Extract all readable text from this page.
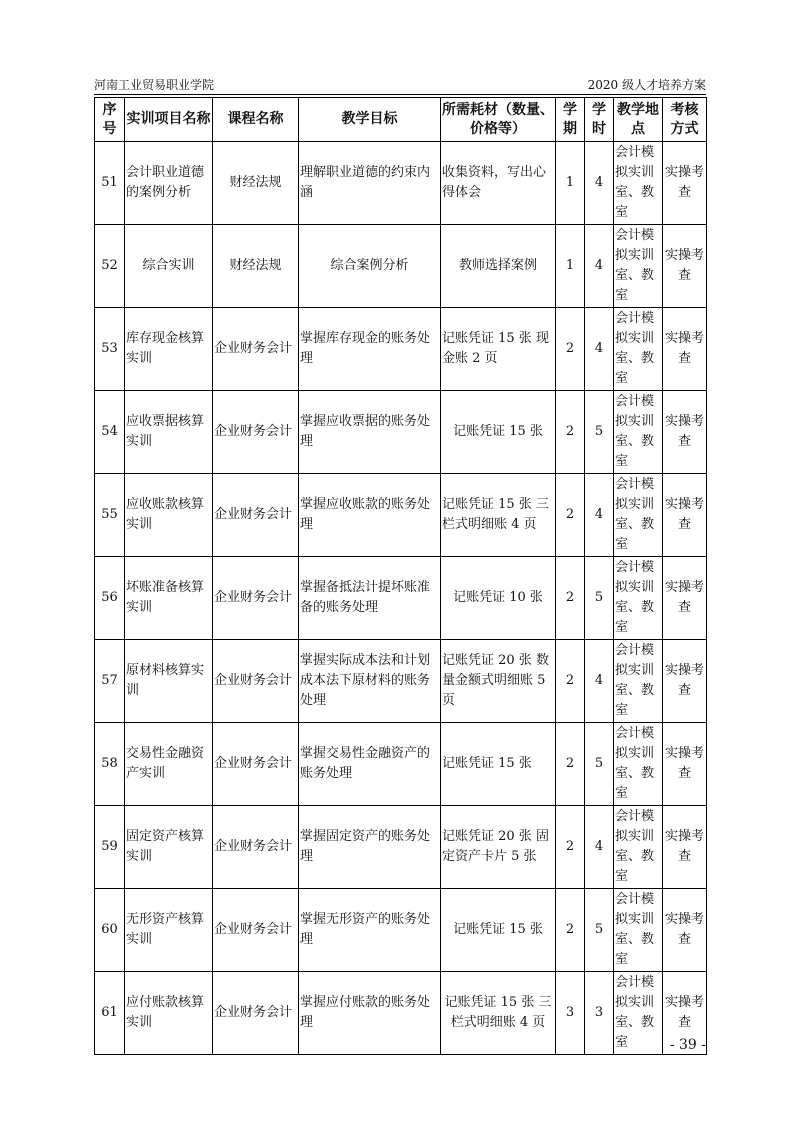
河南工业贸易职业学院	2020 级人才培养方案
序号	实训项目名称	课程名称	教学目标	所需耗材（数量、价格等）	学期	学时	教学地点	考核方式
51	会计职业道德的案例分析	财经法规	理解职业道德的约束内涵	收集资料，写出心得体会	1	4	会计模拟实训室、教室	实操考查
52	综合实训	财经法规	综合案例分析	教师选择案例	1	4	会计模拟实训室、教室	实操考查
53	库存现金核算实训	企业财务会计	掌握库存现金的账务处理	记账凭证 15 张 现金账 2 页	2	4	会计模拟实训室、教室	实操考查
54	应收票据核算实训	企业财务会计	掌握应收票据的账务处理	记账凭证 15 张	2	5	会计模拟实训室、教室	实操考查
55	应收账款核算实训	企业财务会计	掌握应收账款的账务处理	记账凭证 15 张 三栏式明细账 4 页	2	4	会计模拟实训室、教室	实操考查
56	坏账准备核算实训	企业财务会计	掌握备抵法计提坏账准备的账务处理	记账凭证 10 张	2	5	会计模拟实训室、教室	实操考查
57	原材料核算实训	企业财务会计	掌握实际成本法和计划成本法下原材料的账务处理	记账凭证 20 张 数量金额式明细账 5 页	2	4	会计模拟实训室、教室	实操考查
58	交易性金融资产实训	企业财务会计	掌握交易性金融资产的账务处理	记账凭证 15 张	2	5	会计模拟实训室、教室	实操考查
59	固定资产核算实训	企业财务会计	掌握固定资产的账务处理	记账凭证 20 张 固定资产卡片 5 张	2	4	会计模拟实训室、教室	实操考查
60	无形资产核算实训	企业财务会计	掌握无形资产的账务处理	记账凭证 15 张	2	5	会计模拟实训室、教室	实操考查
61	应付账款核算实训	企业财务会计	掌握应付账款的账务处理	记账凭证 15 张 三栏式明细账 4 页	3	3	会计模拟实训室、教室	实操考查
- 39 -
